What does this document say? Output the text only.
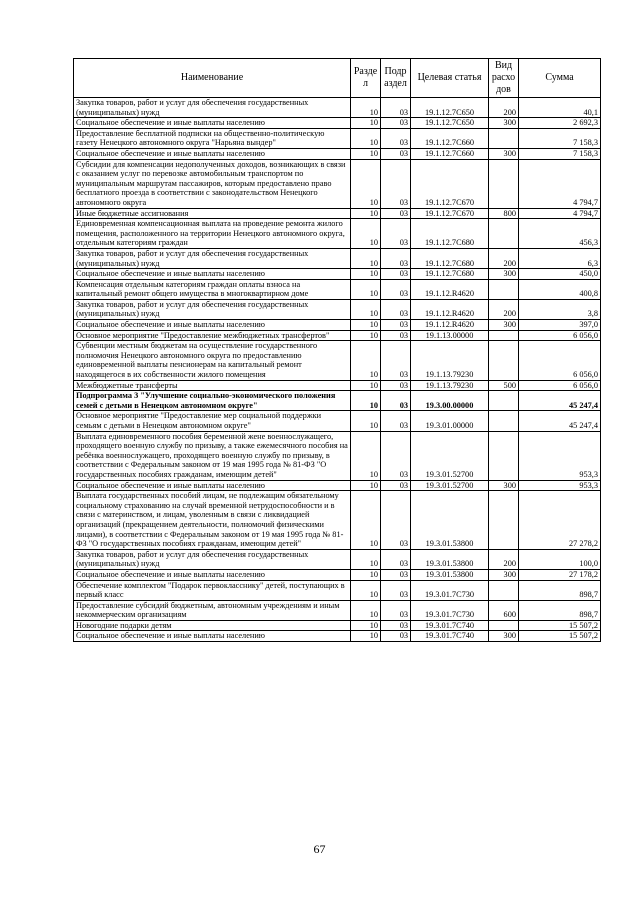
Наименование	Разде л	Подр аздел	Целевая статья	Вид расхо дов	Сумма
Закупка товаров, работ и услуг для обеспечения государственных (муниципальных) нужд	10	03	19.1.12.7С650	200	40,1
Социальное обеспечение и иные выплаты населению	10	03	19.1.12.7С650	300	2 692,3
Предоставление бесплатной подписки на общественно-политическую газету Ненецкого автономного округа "Нарьяна вындер"	10	03	19.1.12.7С660		7 158,3
Социальное обеспечение и иные выплаты населению	10	03	19.1.12.7С660	300	7 158,3
Субсидии для компенсации недополученных доходов, возникающих в связи с оказанием услуг по перевозке автомобильным транспортом по муниципальным маршрутам пассажиров, которым предоставлено право бесплатного проезда в соответствии с законодательством Ненецкого автономного округа	10	03	19.1.12.7С670		4 794,7
Иные бюджетные ассигнования	10	03	19.1.12.7С670	800	4 794,7
Единовременная компенсационная выплата на проведение ремонта жилого помещения, расположенного на территории Ненецкого автономного округа, отдельным категориям граждан	10	03	19.1.12.7С680		456,3
Закупка товаров, работ и услуг для обеспечения государственных (муниципальных) нужд	10	03	19.1.12.7С680	200	6,3
Социальное обеспечение и иные выплаты населению	10	03	19.1.12.7С680	300	450,0
Компенсация отдельным категориям граждан оплаты взноса на капитальный ремонт общего имущества в многоквартирном доме	10	03	19.1.12.R4620		400,8
Закупка товаров, работ и услуг для обеспечения государственных (муниципальных) нужд	10	03	19.1.12.R4620	200	3,8
Социальное обеспечение и иные выплаты населению	10	03	19.1.12.R4620	300	397,0
Основное мероприятие "Предоставление межбюджетных трансфертов"	10	03	19.1.13.00000		6 056,0
Субвенции местным бюджетам на осуществление государственного полномочия Ненецкого автономного округа по предоставлению единовременной выплаты пенсионерам на капитальный ремонт находящегося в их собственности жилого помещения	10	03	19.1.13.79230		6 056,0
Межбюджетные трансферты	10	03	19.1.13.79230	500	6 056,0
Подпрограмма 3 "Улучшение социально-экономического положения семей с детьми в Ненецком автономном округе"	10	03	19.3.00.00000		45 247,4
Основное мероприятие "Предоставление мер социальной поддержки семьям с детьми в Ненецком автономном округе"	10	03	19.3.01.00000		45 247,4
Выплата единовременного пособия беременной жене военнослужащего, проходящего военную службу по призыву, а также ежемесячного пособия на ребёнка военнослужащего, проходящего военную службу по призыву, в соответствии с Федеральным законом от 19 мая 1995 года № 81-ФЗ "О государственных пособиях гражданам, имеющим детей"	10	03	19.3.01.52700		953,3
Социальное обеспечение и иные выплаты населению	10	03	19.3.01.52700	300	953,3
Выплата государственных пособий лицам, не подлежащим обязательному социальному страхованию на случай временной нетрудоспособности и в связи с материнством, и лицам, уволенным в связи с ликвидацией организаций (прекращением деятельности, полномочий физическими лицами), в соответствии с Федеральным законом от 19 мая 1995 года № 81-ФЗ "О государственных пособиях гражданам, имеющим детей"	10	03	19.3.01.53800		27 278,2
Закупка товаров, работ и услуг для обеспечения государственных (муниципальных) нужд	10	03	19.3.01.53800	200	100,0
Социальное обеспечение и иные выплаты населению	10	03	19.3.01.53800	300	27 178,2
Обеспечение комплектом "Подарок первокласснику" детей, поступающих в первый класс	10	03	19.3.01.7С730		898,7
Предоставление субсидий бюджетным, автономным учреждениям и иным некоммерческим организациям	10	03	19.3.01.7С730	600	898,7
Новогодние подарки детям	10	03	19.3.01.7С740		15 507,2
Социальное обеспечение и иные выплаты населению	10	03	19.3.01.7С740	300	15 507,2
67
